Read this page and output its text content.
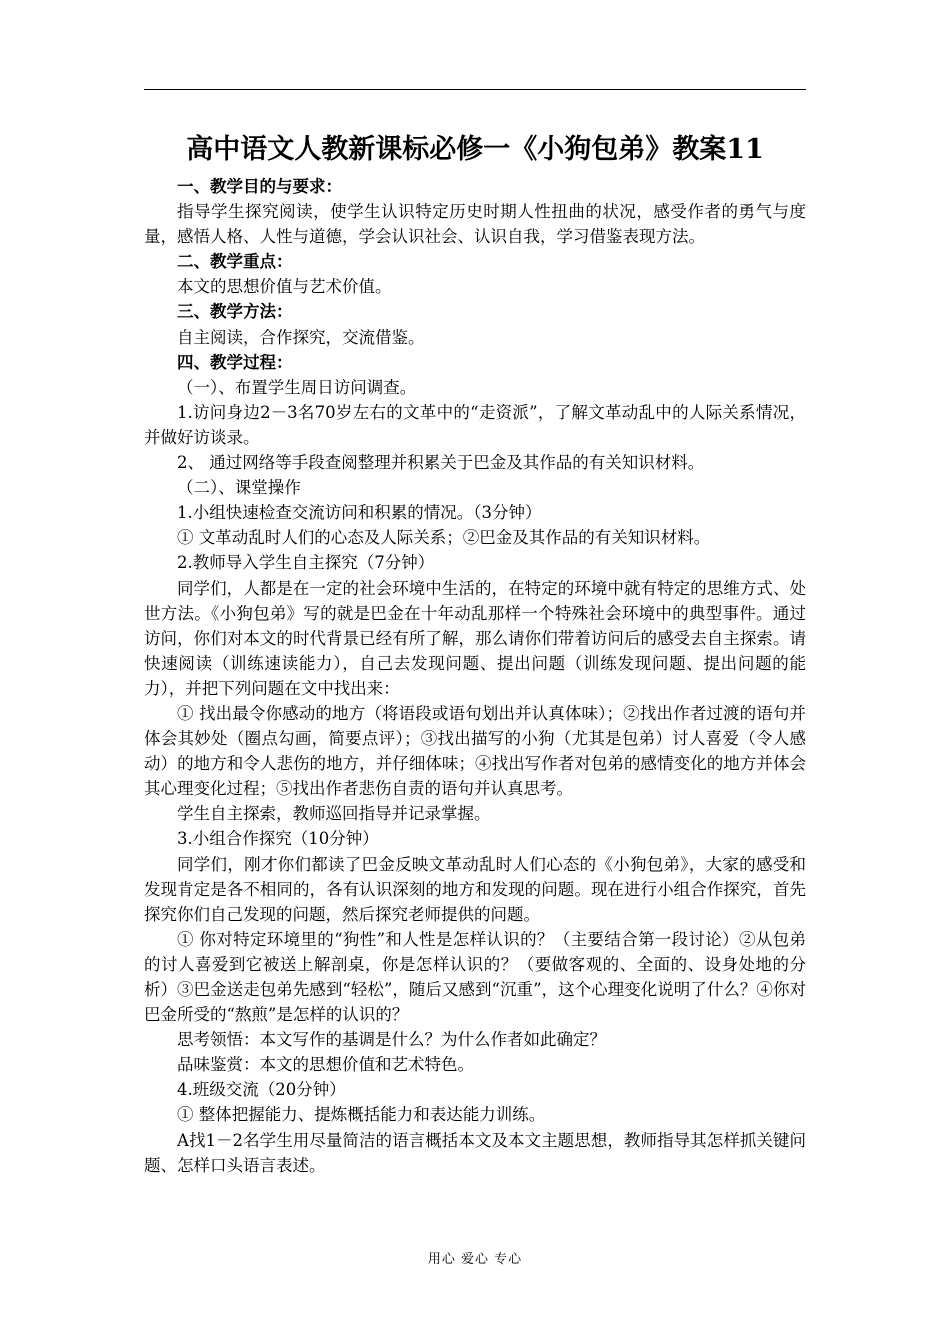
高中语文人教新课标必修一《小狗包弟》教案11

一、教学目的与要求：

指导学生探究阅读，使学生认识特定历史时期人性扭曲的状况，感受作者的勇气与度量，感悟人格、人性与道德，学会认识社会、认识自我，学习借鉴表现方法。

二、教学重点：

本文的思想价值与艺术价值。

三、教学方法：

自主阅读，合作探究，交流借鉴。

四、教学过程：

（一）、布置学生周日访问调查。

1.访问身边2－3名70岁左右的文革中的“走资派”，了解文革动乱中的人际关系情况，并做好访谈录。

2、 通过网络等手段查阅整理并积累关于巴金及其作品的有关知识材料。

（二）、课堂操作

1.小组快速检查交流访问和积累的情况。（3分钟）

① 文革动乱时人们的心态及人际关系；②巴金及其作品的有关知识材料。

2.教师导入学生自主探究（7分钟）

同学们，人都是在一定的社会环境中生活的，在特定的环境中就有特定的思维方式、处世方法。《小狗包弟》写的就是巴金在十年动乱那样一个特殊社会环境中的典型事件。通过访问，你们对本文的时代背景已经有所了解，那么请你们带着访问后的感受去自主探索。请快速阅读（训练速读能力），自己去发现问题、提出问题（训练发现问题、提出问题的能力），并把下列问题在文中找出来：

① 找出最令你感动的地方（将语段或语句划出并认真体味）；②找出作者过渡的语句并体会其妙处（圈点勾画，简要点评）；③找出描写的小狗（尤其是包弟）讨人喜爱（令人感动）的地方和令人悲伤的地方，并仔细体味；④找出写作者对包弟的感情变化的地方并体会其心理变化过程；⑤找出作者悲伤自责的语句并认真思考。

学生自主探索，教师巡回指导并记录掌握。

3.小组合作探究（10分钟）

同学们，刚才你们都读了巴金反映文革动乱时人们心态的《小狗包弟》，大家的感受和发现肯定是各不相同的，各有认识深刻的地方和发现的问题。现在进行小组合作探究，首先探究你们自己发现的问题，然后探究老师提供的问题。

① 你对特定环境里的“狗性”和人性是怎样认识的？（主要结合第一段讨论）②从包弟的讨人喜爱到它被送上解剖桌，你是怎样认识的？（要做客观的、全面的、设身处地的分析）③巴金送走包弟先感到“轻松”，随后又感到“沉重”，这个心理变化说明了什么？④你对巴金所受的“熬煎”是怎样的认识的？

思考领悟：本文写作的基调是什么？为什么作者如此确定？

品味鉴赏：本文的思想价值和艺术特色。

4.班级交流（20分钟）

① 整体把握能力、提炼概括能力和表达能力训练。

A找1－2名学生用尽量简洁的语言概括本文及本文主题思想，教师指导其怎样抓关键问题、怎样口头语言表述。

用心 爱心 专心
